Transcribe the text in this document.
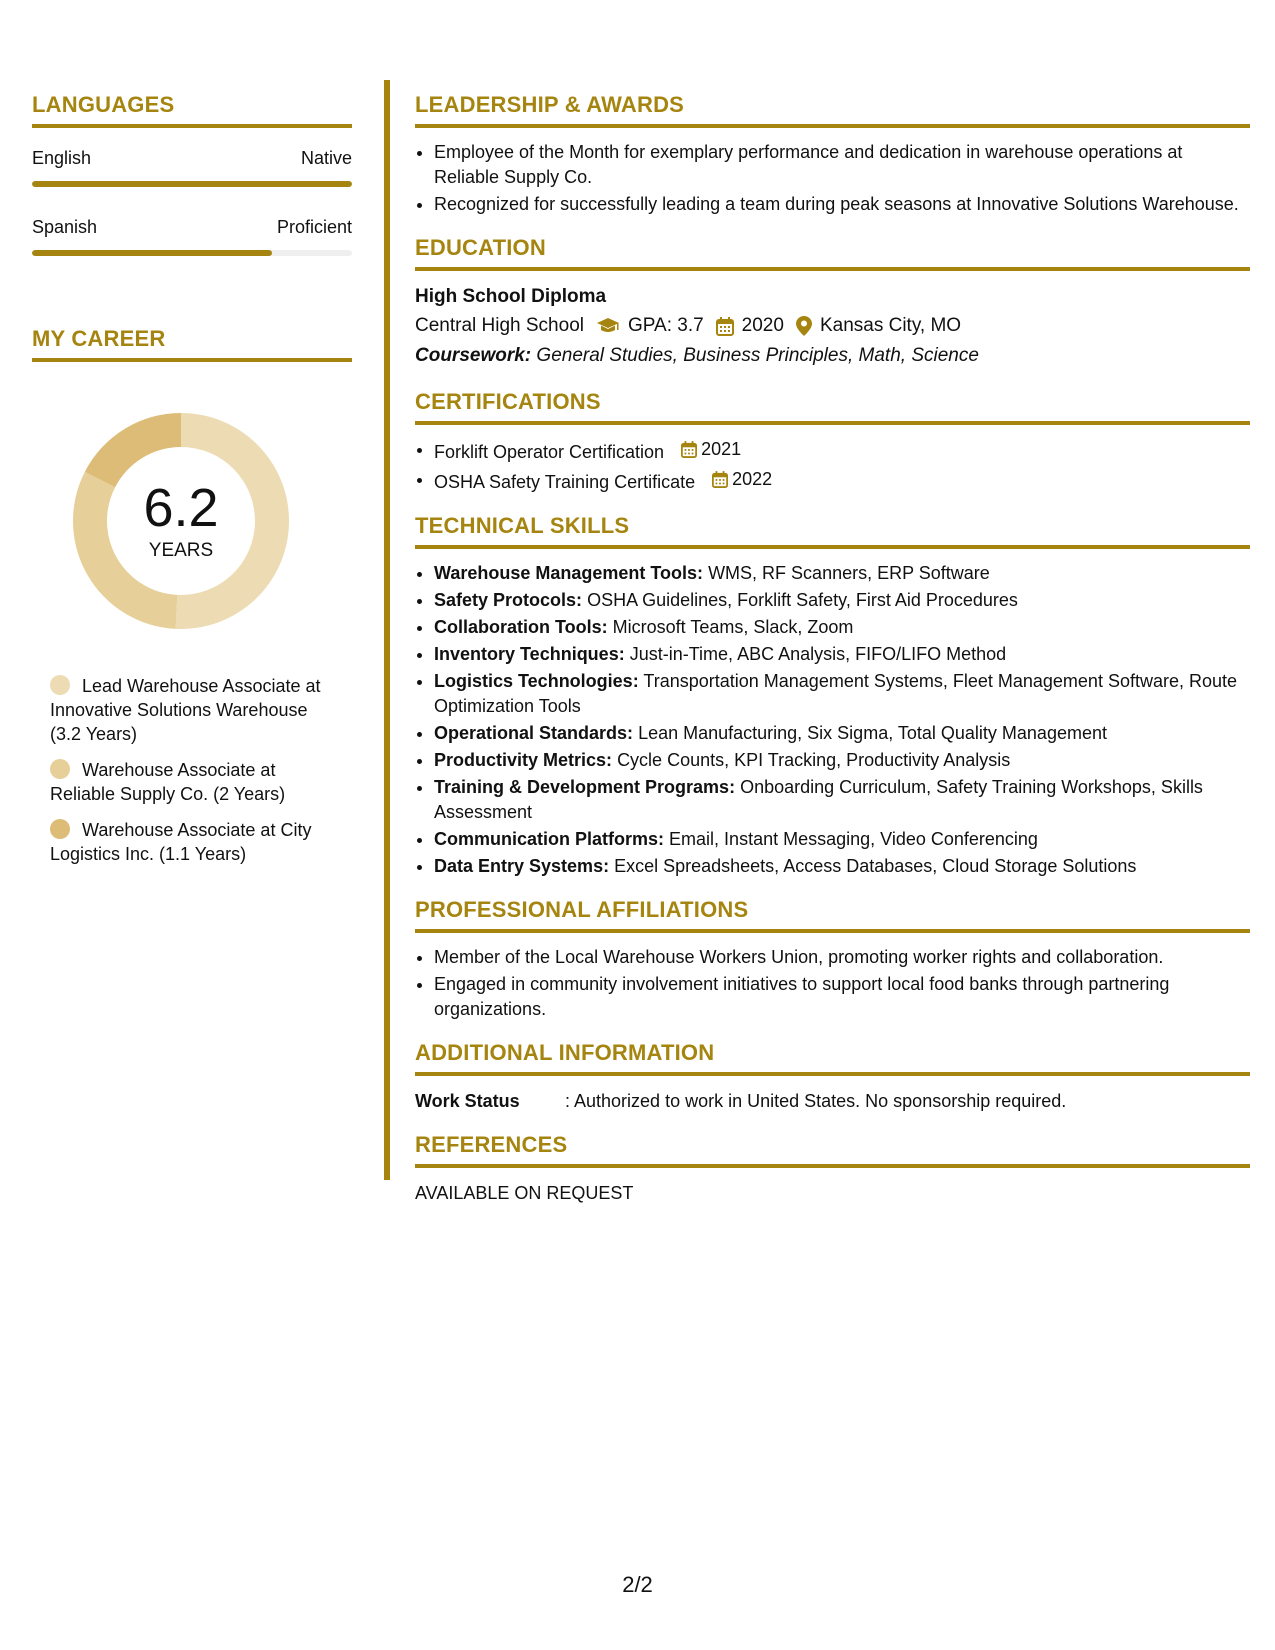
LANGUAGES
English	Native
Spanish	Proficient
MY CAREER
6.2
YEARS
Lead Warehouse Associate at Innovative Solutions Warehouse (3.2 Years)
Warehouse Associate at Reliable Supply Co. (2 Years)
Warehouse Associate at City Logistics Inc. (1.1 Years)
LEADERSHIP & AWARDS
Employee of the Month for exemplary performance and dedication in warehouse operations at Reliable Supply Co.
Recognized for successfully leading a team during peak seasons at Innovative Solutions Warehouse.
EDUCATION
High School Diploma
Central High School GPA: 3.7 2020 Kansas City, MO
Coursework: General Studies, Business Principles, Math, Science
CERTIFICATIONS
Forklift Operator Certification 2021
OSHA Safety Training Certificate 2022
TECHNICAL SKILLS
Warehouse Management Tools: WMS, RF Scanners, ERP Software
Safety Protocols: OSHA Guidelines, Forklift Safety, First Aid Procedures
Collaboration Tools: Microsoft Teams, Slack, Zoom
Inventory Techniques: Just-in-Time, ABC Analysis, FIFO/LIFO Method
Logistics Technologies: Transportation Management Systems, Fleet Management Software, Route Optimization Tools
Operational Standards: Lean Manufacturing, Six Sigma, Total Quality Management
Productivity Metrics: Cycle Counts, KPI Tracking, Productivity Analysis
Training & Development Programs: Onboarding Curriculum, Safety Training Workshops, Skills Assessment
Communication Platforms: Email, Instant Messaging, Video Conferencing
Data Entry Systems: Excel Spreadsheets, Access Databases, Cloud Storage Solutions
PROFESSIONAL AFFILIATIONS
Member of the Local Warehouse Workers Union, promoting worker rights and collaboration.
Engaged in community involvement initiatives to support local food banks through partnering organizations.
ADDITIONAL INFORMATION
Work Status	: Authorized to work in United States. No sponsorship required.
REFERENCES
AVAILABLE ON REQUEST
2/2
